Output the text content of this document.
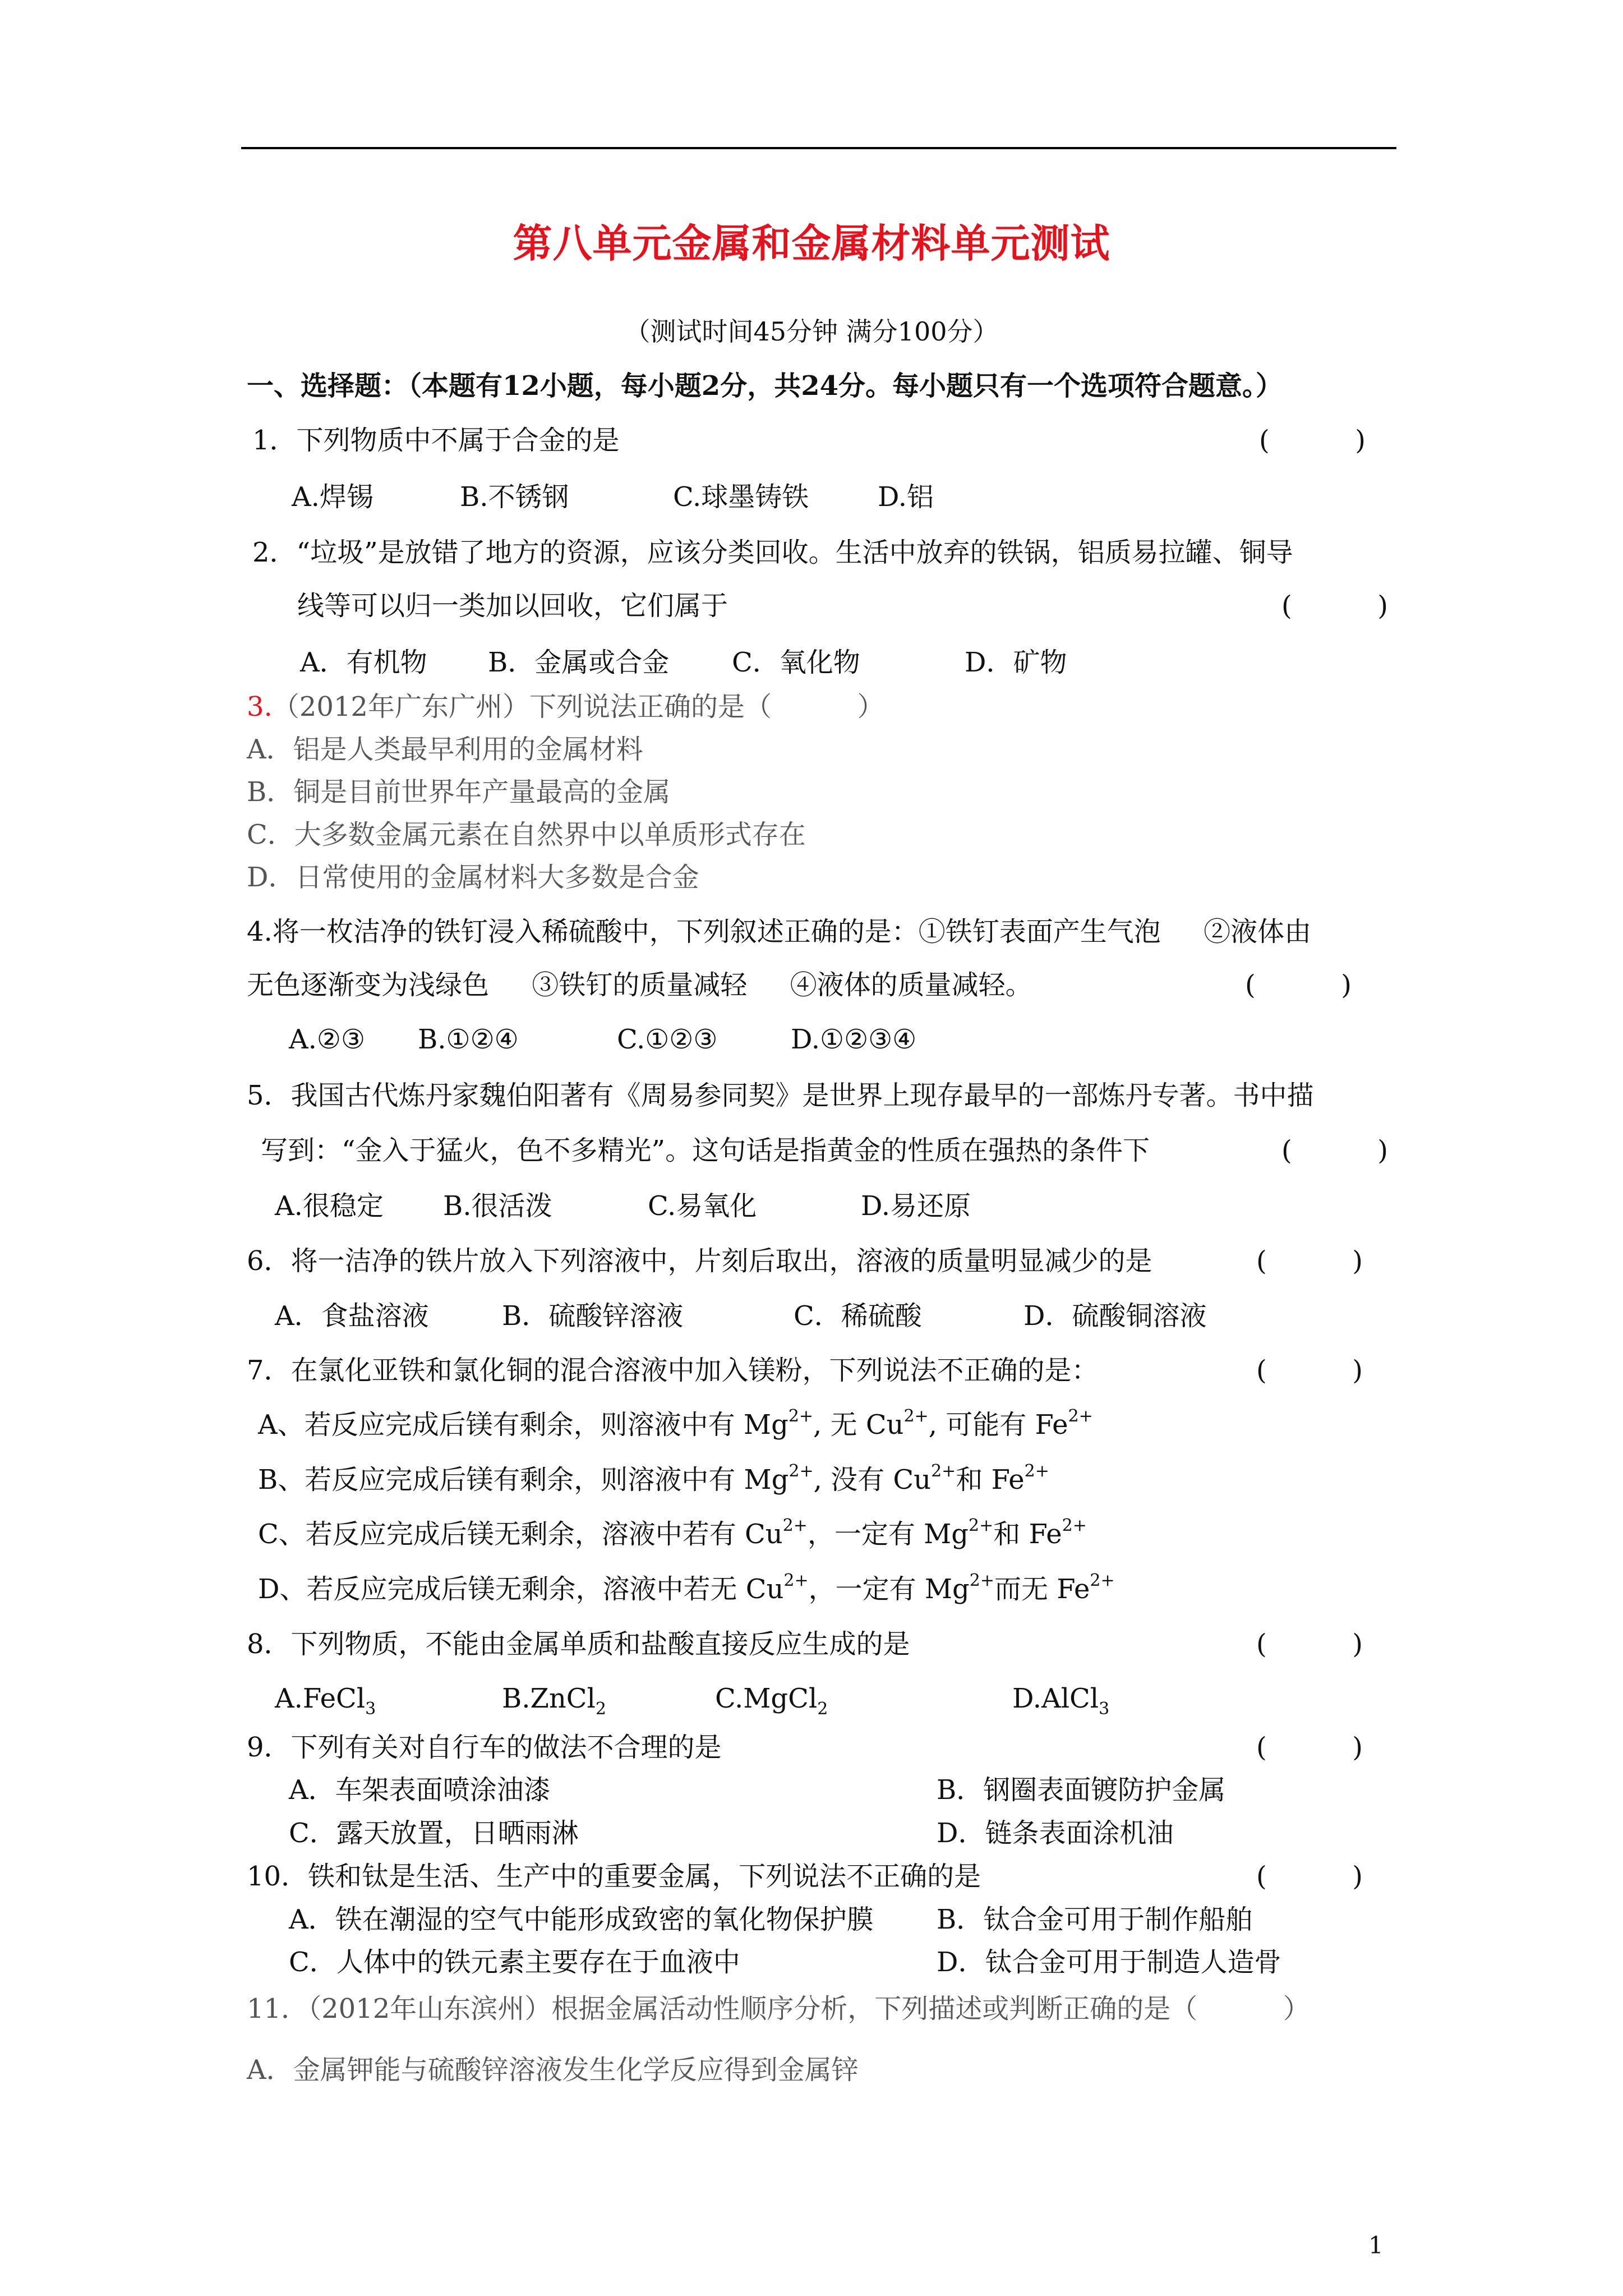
第八单元金属和金属材料单元测试
（测试时间45分钟 满分100分）
一、选择题：（本题有12小题，每小题2分，共24分。每小题只有一个选项符合题意。）
1．下列物质中不属于合金的是	(          )
A.焊锡	B.不锈钢	C.球墨铸铁	D.铝
2．“垃圾”是放错了地方的资源，应该分类回收。生活中放弃的铁锅，铝质易拉罐、铜导
线等可以归一类加以回收，它们属于	(          )
A．有机物 B．金属或合金 C．氧化物	D．矿物
3.（2012年广东广州）下列说法正确的是（          ）
A．铝是人类最早利用的金属材料
B．铜是目前世界年产量最高的金属
C．大多数金属元素在自然界中以单质形式存在
D．日常使用的金属材料大多数是合金
4.将一枚洁净的铁钉浸入稀硫酸中，下列叙述正确的是：①铁钉表面产生气泡     ②液体由
无色逐渐变为浅绿色     ③铁钉的质量减轻     ④液体的质量减轻。	(          )
A.②③ B.①②④	C.①②③	D.①②③④
5．我国古代炼丹家魏伯阳著有《周易参同契》是世界上现存最早的一部炼丹专著。书中描
写到：“金入于猛火，色不多精光”。这句话是指黄金的性质在强热的条件下	(          )
A.很稳定 B.很活泼	C.易氧化	D.易还原
6．将一洁净的铁片放入下列溶液中，片刻后取出，溶液的质量明显减少的是	(          )
A．食盐溶液	B．硫酸锌溶液	C．稀硫酸	D．硫酸铜溶液
7．在氯化亚铁和氯化铜的混合溶液中加入镁粉，下列说法不正确的是：	(          )
A、若反应完成后镁有剩余，则溶液中有 $Mg^{2+}$, 无 $Cu^{2+}$, 可能有 $Fe^{2+}$
B、若反应完成后镁有剩余，则溶液中有 $Mg^{2+}$, 没有 $Cu^{2+}$和 $Fe^{2+}$
C、若反应完成后镁无剩余，溶液中若有 $Cu^{2+}$，一定有 $Mg^{2+}$和 $Fe^{2+}$
D、若反应完成后镁无剩余，溶液中若无 $Cu^{2+}$，一定有 $Mg^{2+}$而无 $Fe^{2+}$
8．下列物质，不能由金属单质和盐酸直接反应生成的是	(          )
A.FeCl$_3$	B.ZnCl$_2$	C.MgCl$_2$	D.AlCl$_3$
9．下列有关对自行车的做法不合理的是	(          )
A．车架表面喷涂油漆	B．钢圈表面镀防护金属
C．露天放置，日晒雨淋	D．链条表面涂机油
10．铁和钛是生活、生产中的重要金属，下列说法不正确的是	(          )
A．铁在潮湿的空气中能形成致密的氧化物保护膜 B．钛合金可用于制作船舶
C．人体中的铁元素主要存在于血液中	D．钛合金可用于制造人造骨
11．（2012年山东滨州）根据金属活动性顺序分析，下列描述或判断正确的是（          ）
A．金属钾能与硫酸锌溶液发生化学反应得到金属锌
1
